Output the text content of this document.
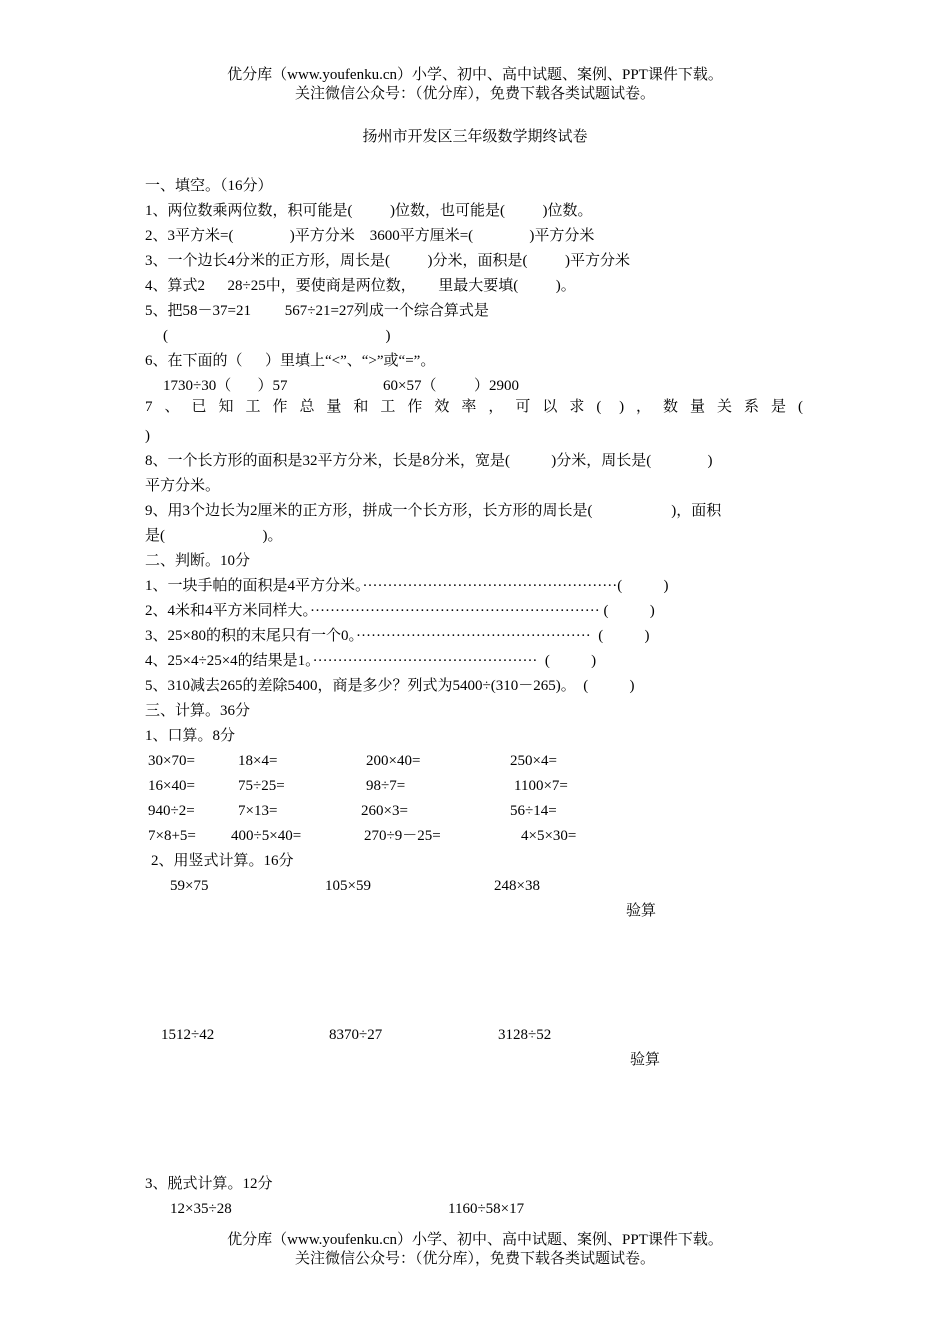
优分库（www.youfenku.cn）小学、初中、高中试题、案例、PPT课件下载。
关注微信公众号：（优分库），免费下载各类试题试卷。
扬州市开发区三年级数学期终试卷
一、填空。（16分）
1、两位数乘两位数，积可能是(          )位数，也可能是(          )位数。
2、3平方米=(               )平方分米    3600平方厘米=(               )平方分米
3、一个边长4分米的正方形，周长是(          )分米，面积是(          )平方分米
4、算式2      28÷25中，要使商是两位数，      里最大要填(          )。
5、把58－37=21         567÷21=27列成一个综合算式是
(                                                          )
6、在下面的（      ）里填上“<”、“>”或“=”。
1730÷30（       ）57	60×57（          ）2900
7、已知工作总量和工作效率，可以求( )，数量关系是(
)
8、一个长方形的面积是32平方分米，长是8分米，宽是(           )分米，周长是(               )
平方分米。
9、用3个边长为2厘米的正方形，拼成一个长方形，长方形的周长是(                     )，面积
是(                          )。
二、判断。10分
1、一块手帕的面积是4平方分米。···················································(           )
2、4米和4平方米同样大。·························································· (           )
3、25×80的积的末尾只有一个0。···············································  (           )
4、25×4÷25×4的结果是1。·············································  (           )
5、310减去265的差除5400，商是多少？列式为5400÷(310－265)。  (           )
三、计算。36分
1、口算。8分
30×70=	18×4=	200×40=	250×4=
16×40=	75÷25=	98÷7=	1100×7=
940÷2=	7×13=	260×3=	56÷14=
7×8+5= 400÷5×40=	270÷9－25=	4×5×30=
2、用竖式计算。16分
59×75	105×59	248×38
验算
1512÷42	8370÷27	3128÷52
验算
3、脱式计算。12分
12×35÷28	1160÷58×17
优分库（www.youfenku.cn）小学、初中、高中试题、案例、PPT课件下载。
关注微信公众号：（优分库），免费下载各类试题试卷。
